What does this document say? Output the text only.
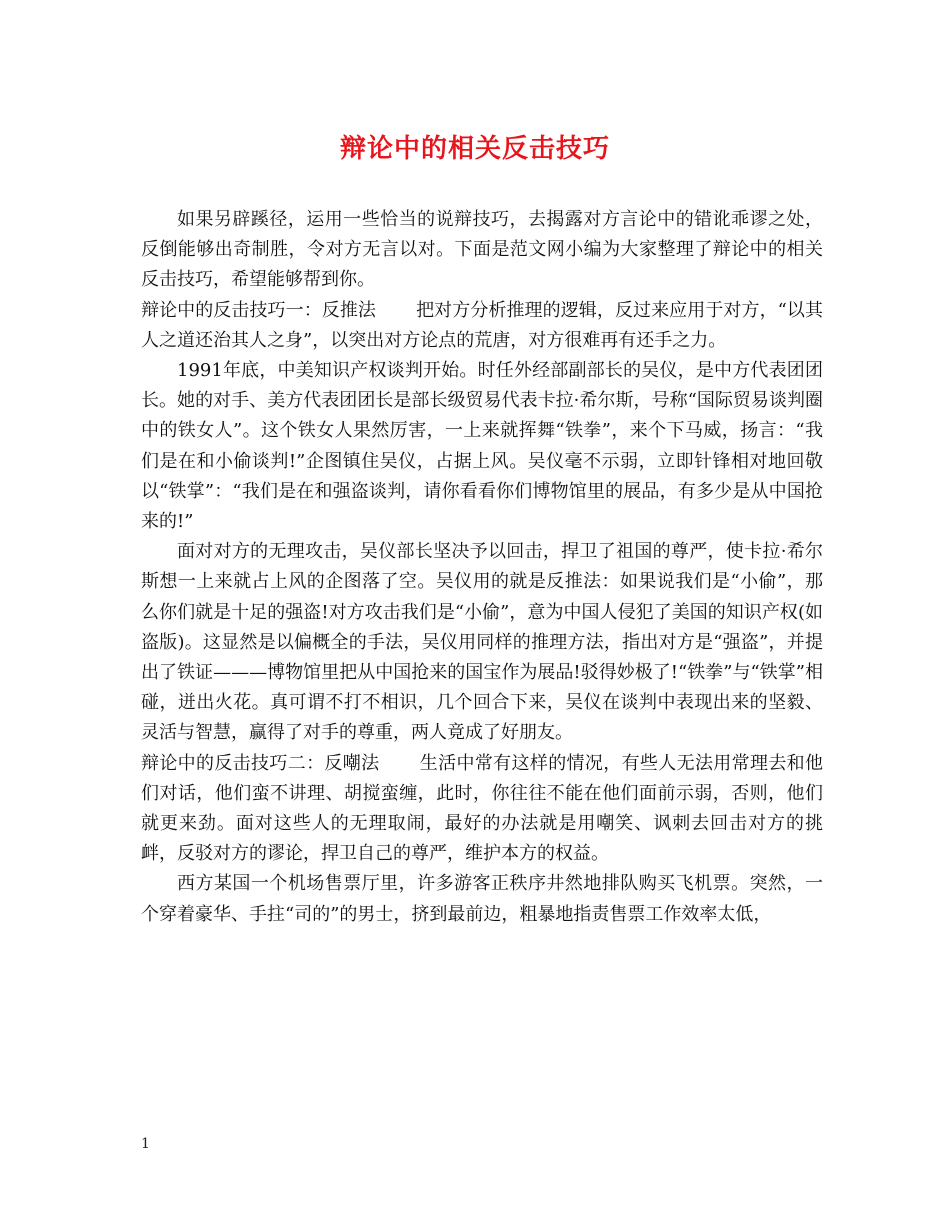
辩论中的相关反击技巧

如果另辟蹊径，运用一些恰当的说辩技巧，去揭露对方言论中的错讹乖谬之处，反倒能够出奇制胜，令对方无言以对。下面是范文网小编为大家整理了辩论中的相关反击技巧，希望能够帮到你。

辩论中的反击技巧一：反推法 把对方分析推理的逻辑，反过来应用于对方，“以其人之道还治其人之身”，以突出对方论点的荒唐，对方很难再有还手之力。

1991年底，中美知识产权谈判开始。时任外经部副部长的吴仪，是中方代表团团长。她的对手、美方代表团团长是部长级贸易代表卡拉·希尔斯，号称“国际贸易谈判圈中的铁女人”。这个铁女人果然厉害，一上来就挥舞“铁拳”，来个下马威，扬言：“我们是在和小偷谈判!”企图镇住吴仪，占据上风。吴仪毫不示弱，立即针锋相对地回敬以“铁掌”：“我们是在和强盗谈判，请你看看你们博物馆里的展品，有多少是从中国抢来的!”

面对对方的无理攻击，吴仪部长坚决予以回击，捍卫了祖国的尊严，使卡拉·希尔斯想一上来就占上风的企图落了空。吴仪用的就是反推法：如果说我们是“小偷”，那么你们就是十足的强盗!对方攻击我们是“小偷”，意为中国人侵犯了美国的知识产权(如盗版)。这显然是以偏概全的手法，吴仪用同样的推理方法，指出对方是“强盗”，并提出了铁证———博物馆里把从中国抢来的国宝作为展品!驳得妙极了!“铁拳”与“铁掌”相碰，迸出火花。真可谓不打不相识，几个回合下来，吴仪在谈判中表现出来的坚毅、灵活与智慧，赢得了对手的尊重，两人竟成了好朋友。

辩论中的反击技巧二：反嘲法 生活中常有这样的情况，有些人无法用常理去和他们对话，他们蛮不讲理、胡搅蛮缠，此时，你往往不能在他们面前示弱，否则，他们就更来劲。面对这些人的无理取闹，最好的办法就是用嘲笑、讽刺去回击对方的挑衅，反驳对方的谬论，捍卫自己的尊严，维护本方的权益。

西方某国一个机场售票厅里，许多游客正秩序井然地排队购买飞机票。突然，一个穿着豪华、手拄“司的”的男士，挤到最前边，粗暴地指责售票工作效率太低，

1
